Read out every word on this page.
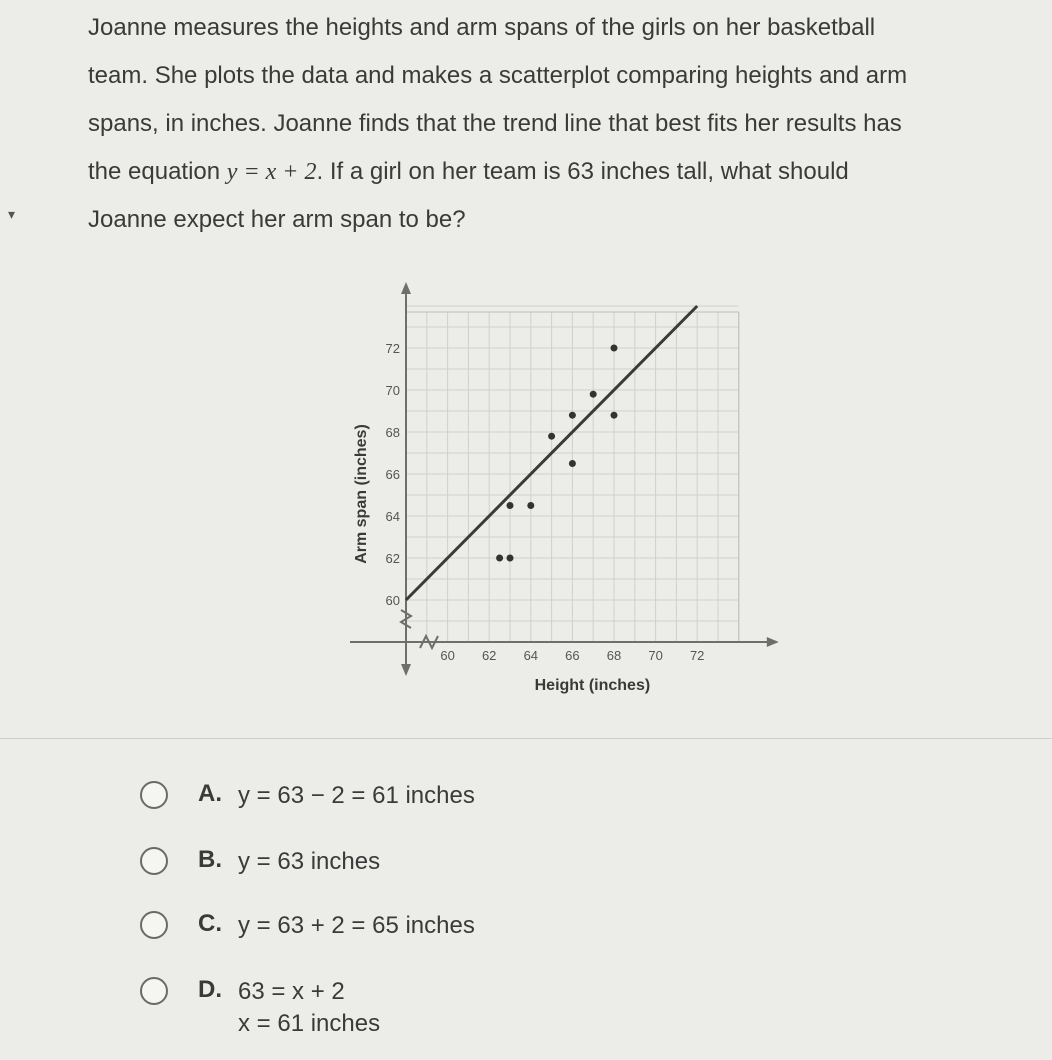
▾

Joanne measures the heights and arm spans of the girls on her basketball
team. She plots the data and makes a scatterplot comparing heights and arm
spans, in inches. Joanne finds that the trend line that best fits her results has
the equation y = x + 2. If a girl on her team is 63 inches tall, what should
Joanne expect her arm span to be?

60 62 64 66 68 70 72
60
62
64
66
68
70
72
Height (inches)
Arm span (inches)
A. y = 63 − 2 = 61 inches
B. y = 63 inches
C. y = 63 + 2 = 65 inches
D. 63 = x + 2
x = 61 inches
